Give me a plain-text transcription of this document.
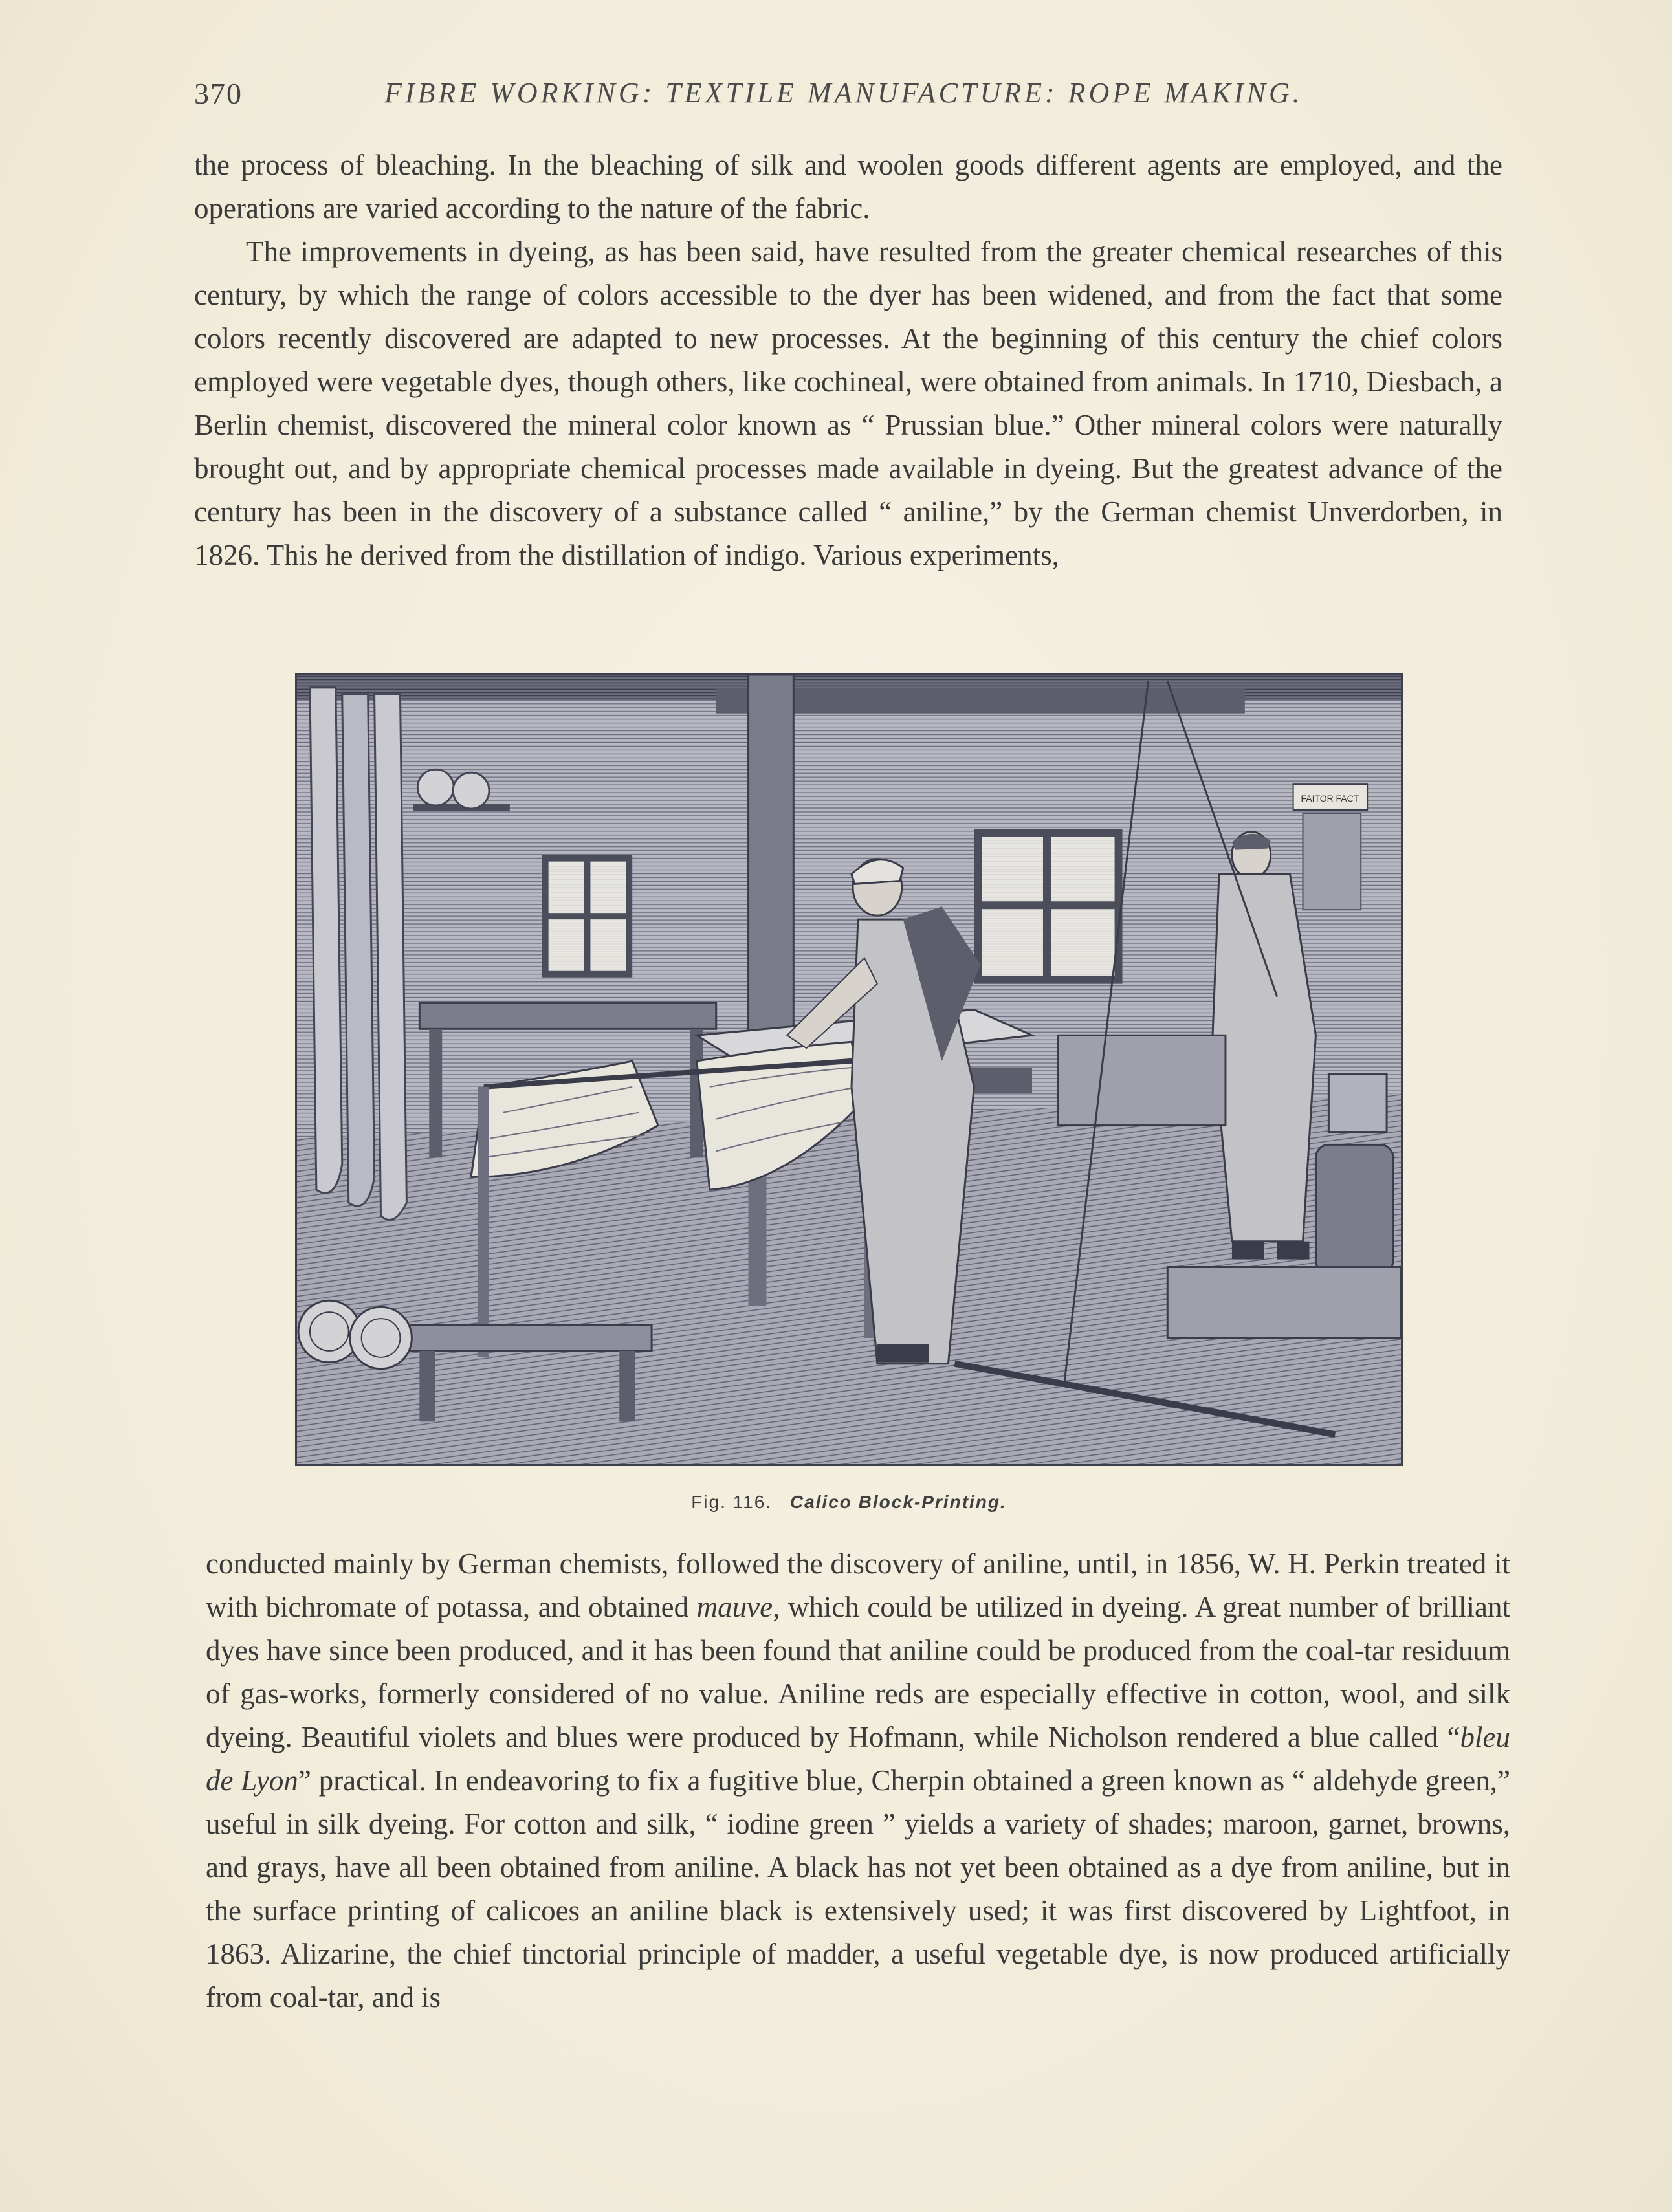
370	FIBRE WORKING: TEXTILE MANUFACTURE: ROPE MAKING.

the process of bleaching. In the bleaching of silk and woolen goods different agents are employed, and the operations are varied according to the nature of the fabric.

The improvements in dyeing, as has been said, have resulted from the greater chemical researches of this century, by which the range of colors accessible to the dyer has been widened, and from the fact that some colors recently discovered are adapted to new processes. At the beginning of this century the chief colors employed were vegetable dyes, though others, like cochineal, were obtained from animals. In 1710, Diesbach, a Berlin chemist, discovered the mineral color known as “ Prussian blue.” Other mineral colors were naturally brought out, and by appropriate chemical processes made available in dyeing. But the greatest advance of the century has been in the discovery of a substance called “ aniline,” by the German chemist Unverdorben, in 1826. This he derived from the distillation of indigo. Various experiments,

FAITOR FACT
Fig. 116. Calico Block-Printing.

conducted mainly by German chemists, followed the discovery of aniline, until, in 1856, W. H. Perkin treated it with bichromate of potassa, and obtained mauve, which could be utilized in dyeing. A great number of brilliant dyes have since been produced, and it has been found that aniline could be produced from the coal-tar residuum of gas-works, formerly considered of no value. Aniline reds are especially effective in cotton, wool, and silk dyeing. Beautiful violets and blues were produced by Hofmann, while Nicholson rendered a blue called “bleu de Lyon” practical. In endeavoring to fix a fugitive blue, Cherpin obtained a green known as “ aldehyde green,” useful in silk dyeing. For cotton and silk, “ iodine green ” yields a variety of shades; maroon, garnet, browns, and grays, have all been obtained from aniline. A black has not yet been obtained as a dye from aniline, but in the surface printing of calicoes an aniline black is extensively used; it was first discovered by Lightfoot, in 1863. Alizarine, the chief tinctorial principle of madder, a useful vegetable dye, is now produced artificially from coal-tar, and is
